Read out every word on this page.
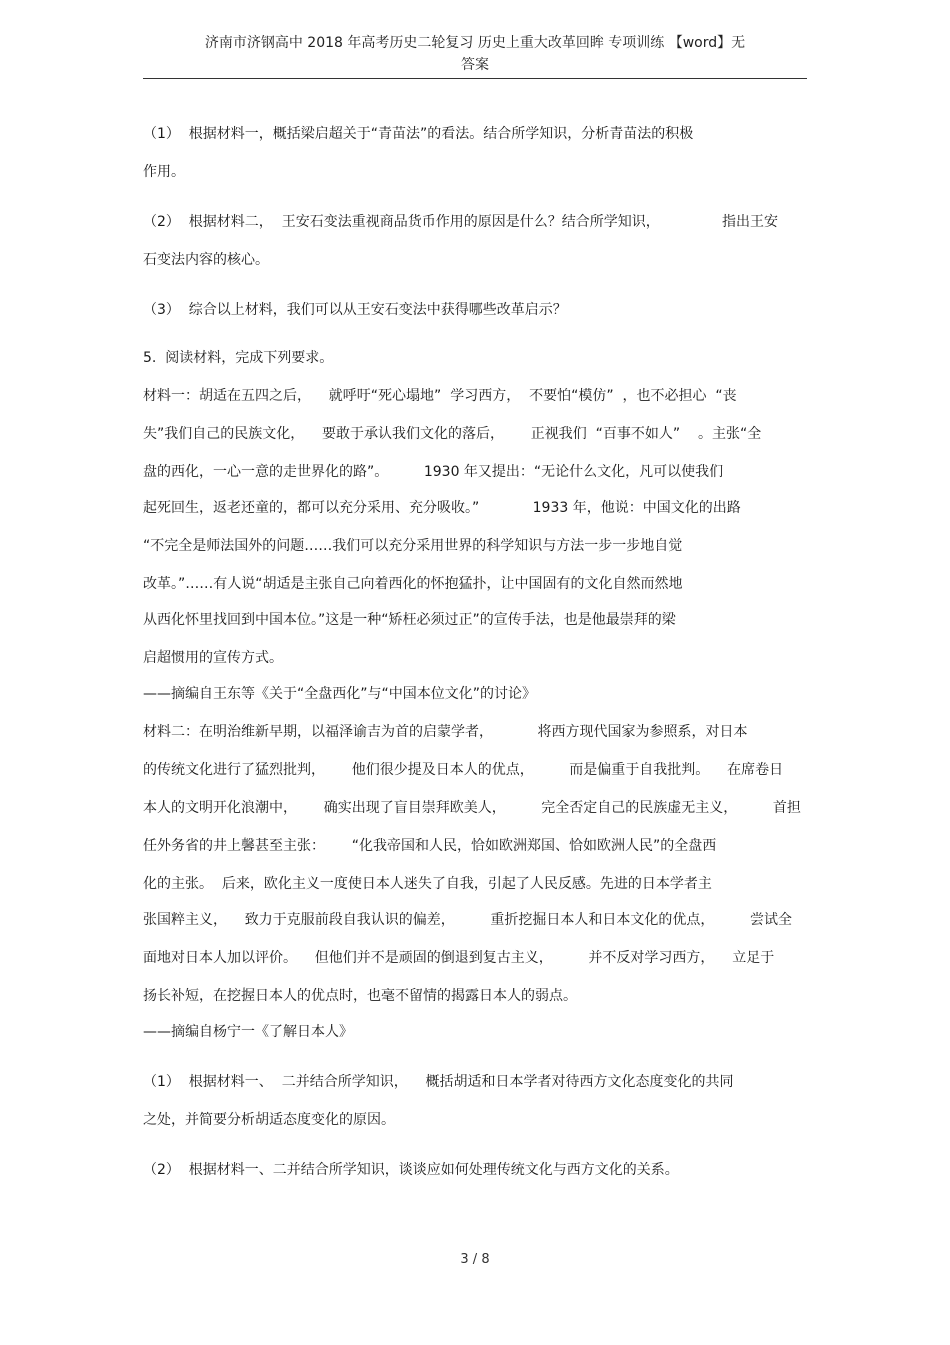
济南市济钢高中 2018 年高考历史二轮复习 历史上重大改革回眸 专项训练 【word】无
答案
（1）  根据材料一，概括梁启超关于“青苗法”的看法。结合所学知识，分析青苗法的积极
作用。
（2）  根据材料二，  王安石变法重视商品货币作用的原因是什么？结合所学知识，              指出王安
石变法内容的核心。
（3）  综合以上材料，我们可以从王安石变法中获得哪些改革启示？
5.  阅读材料，完成下列要求。
材料一：胡适在五四之后，    就呼吁“死心塌地”  学习西方，  不要怕“模仿”  ，也不必担心  “丧
失”我们自己的民族文化，    要敢于承认我们文化的落后，      正视我们  “百事不如人”    。主张“全
盘的西化，一心一意的走世界化的路”。        1930 年又提出：“无论什么文化，凡可以使我们
起死回生，返老还童的，都可以充分采用、充分吸收。”            1933 年，他说：中国文化的出路
“不完全是师法国外的问题……我们可以充分采用世界的科学知识与方法一步一步地自觉
改革。”……有人说“胡适是主张自己向着西化的怀抱猛扑，让中国固有的文化自然而然地
从西化怀里找回到中国本位。”这是一种“矫枉必须过正”的宣传手法，也是他最崇拜的梁
启超惯用的宣传方式。
——摘编自王东等《关于“全盘西化”与“中国本位文化”的讨论》
材料二：在明治维新早期，以福泽谕吉为首的启蒙学者，          将西方现代国家为参照系，对日本
的传统文化进行了猛烈批判，      他们很少提及日本人的优点，        而是偏重于自我批判。    在席卷日
本人的文明开化浪潮中，      确实出现了盲目崇拜欧美人，        完全否定自己的民族虚无主义，        首担
任外务省的井上馨甚至主张：      “化我帝国和人民，恰如欧洲郑国、恰如欧洲人民”的全盘西
化的主张。  后来，欧化主义一度使日本人迷失了自我，引起了人民反感。先进的日本学者主
张国粹主义，    致力于克服前段自我认识的偏差，        重折挖掘日本人和日本文化的优点，        尝试全
面地对日本人加以评价。    但他们并不是顽固的倒退到复古主义，        并不反对学习西方，    立足于
扬长补短，在挖握日本人的优点时，也毫不留情的揭露日本人的弱点。
——摘编自杨宁一《了解日本人》
（1）  根据材料一、  二并结合所学知识，    概括胡适和日本学者对待西方文化态度变化的共同
之处，并简要分析胡适态度变化的原因。
（2）  根据材料一、二并结合所学知识，谈谈应如何处理传统文化与西方文化的关系。
3 / 8
